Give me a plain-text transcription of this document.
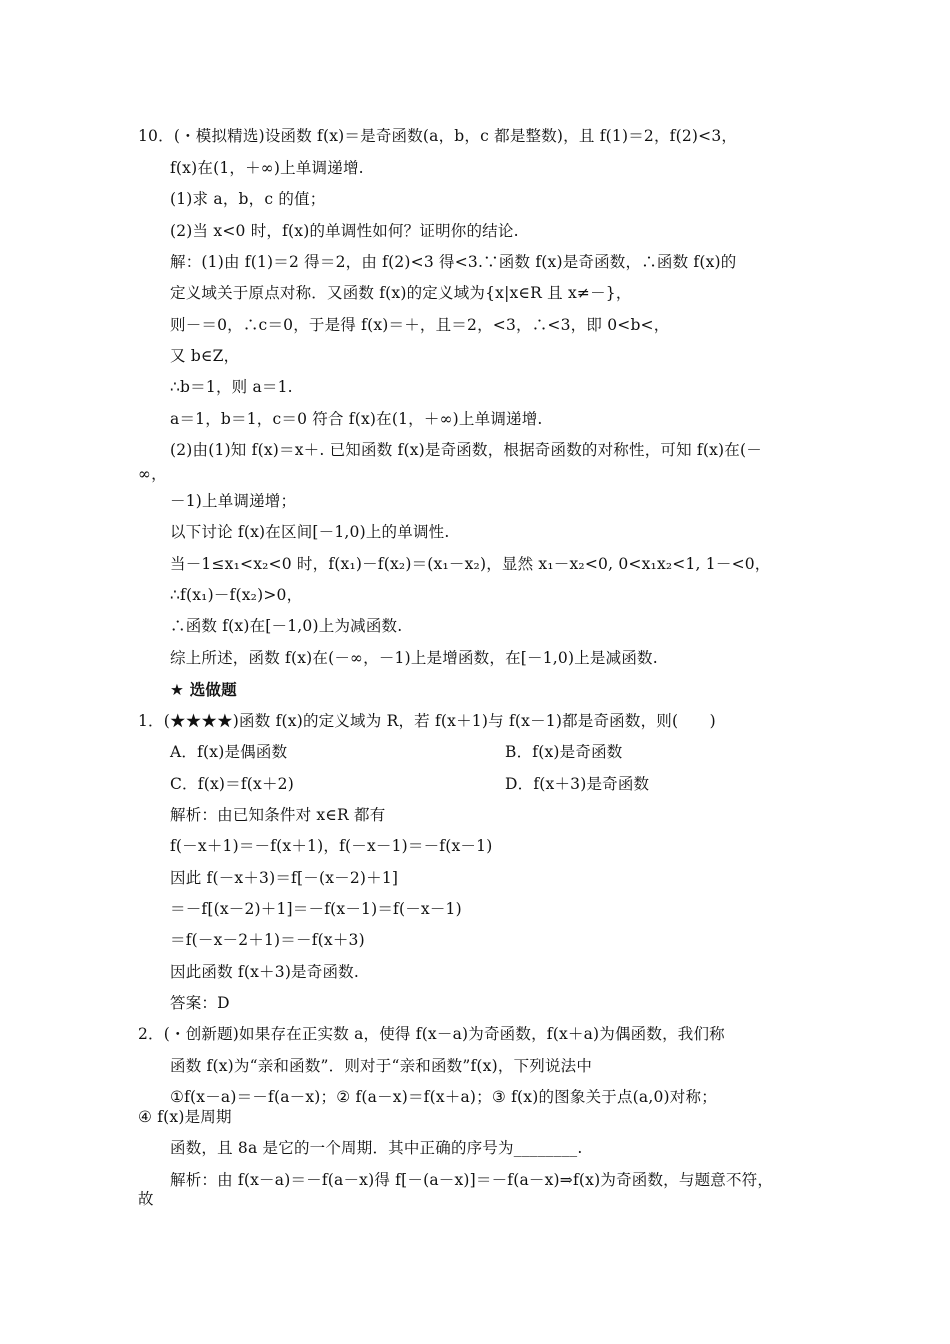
10．(・模拟精选)设函数 f(x)＝是奇函数(a，b，c 都是整数)，且 f(1)＝2，f(2)<3，
f(x)在(1，＋∞)上单调递增.
(1)求 a，b，c 的值；
(2)当 x<0 时，f(x)的单调性如何？证明你的结论.
解：(1)由 f(1)＝2 得＝2，由 f(2)<3 得<3.∵函数 f(x)是奇函数，∴函数 f(x)的
定义域关于原点对称．又函数 f(x)的定义域为{x|x∈R 且 x≠－}，
则－＝0，∴c＝0，于是得 f(x)＝＋，且＝2，<3，∴<3，即 0<b<，
又 b∈Z，
∴b＝1，则 a＝1.
a＝1，b＝1，c＝0 符合 f(x)在(1，＋∞)上单调递增.
(2)由(1)知 f(x)＝x＋. 已知函数 f(x)是奇函数，根据奇函数的对称性，可知 f(x)在(－
∞，
－1)上单调递增；
以下讨论 f(x)在区间[－1,0)上的单调性.
当－1≤x₁<x₂<0 时，f(x₁)－f(x₂)＝(x₁－x₂)，显然 x₁－x₂<0, 0<x₁x₂<1, 1－<0，
∴f(x₁)－f(x₂)>0，
∴函数 f(x)在[－1,0)上为减函数.
综上所述，函数 f(x)在(－∞，－1)上是增函数，在[－1,0)上是减函数.
★ 选做题
1．(★★★★)函数 f(x)的定义域为 R，若 f(x＋1)与 f(x－1)都是奇函数，则(　　)
A．f(x)是偶函数	B．f(x)是奇函数
C．f(x)＝f(x＋2)	D．f(x＋3)是奇函数
解析：由已知条件对 x∈R 都有
f(－x＋1)＝－f(x＋1)，f(－x－1)＝－f(x－1)
因此 f(－x＋3)＝f[－(x－2)＋1]
＝－f[(x－2)＋1]＝－f(x－1)＝f(－x－1)
＝f(－x－2＋1)＝－f(x＋3)
因此函数 f(x＋3)是奇函数.
答案：D
2．(・创新题)如果存在正实数 a，使得 f(x－a)为奇函数，f(x＋a)为偶函数，我们称
函数 f(x)为“亲和函数”．则对于“亲和函数”f(x)，下列说法中
①f(x－a)＝－f(a－x)；② f(a－x)＝f(x＋a)；③ f(x)的图象关于点(a,0)对称；
④ f(x)是周期
函数，且 8a 是它的一个周期．其中正确的序号为________.
解析：由 f(x－a)＝－f(a－x)得 f[－(a－x)]＝－f(a－x)⇒f(x)为奇函数，与题意不符，
故
